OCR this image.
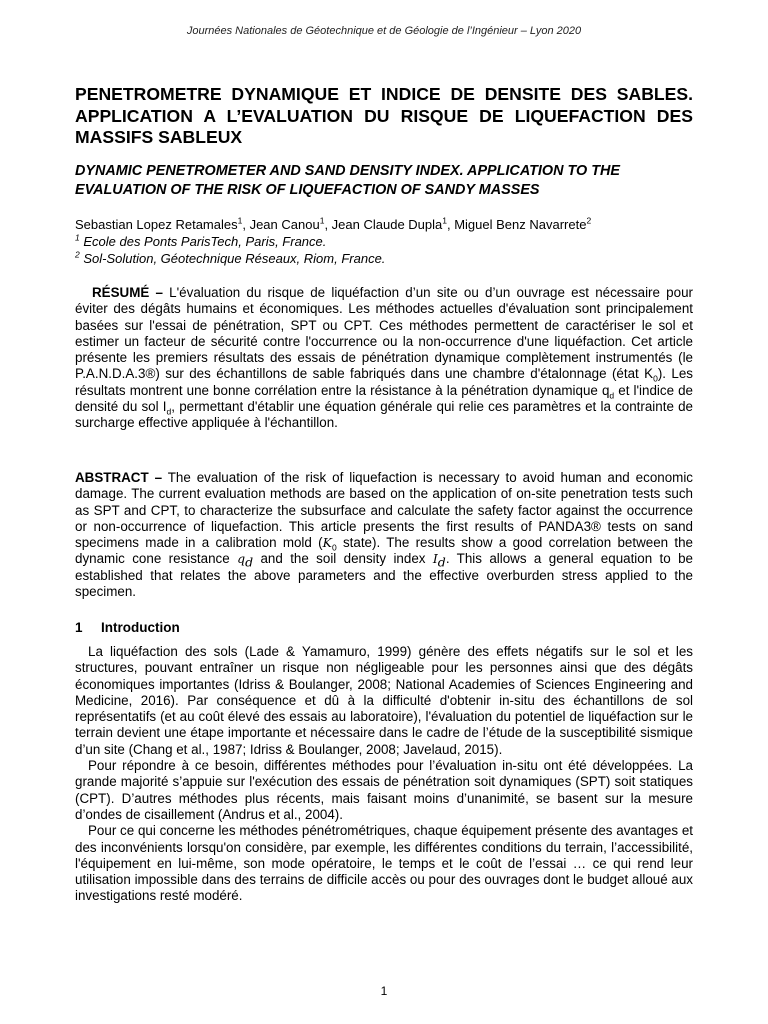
Journées Nationales de Géotechnique et de Géologie de l’Ingénieur – Lyon 2020
PENETROMETRE DYNAMIQUE ET INDICE DE DENSITE DES SABLES. APPLICATION A L’EVALUATION DU RISQUE DE LIQUEFACTION DES MASSIFS SABLEUX
DYNAMIC PENETROMETER AND SAND DENSITY INDEX. APPLICATION TO THE EVALUATION OF THE RISK OF LIQUEFACTION OF SANDY MASSES
Sebastian Lopez Retamales$^1$, Jean Canou$^1$, Jean Claude Dupla$^1$, Miguel Benz Navarrete$^2$
$^1$ Ecole des Ponts ParisTech, Paris, France.
$^2$ Sol-Solution, Géotechnique Réseaux, Riom, France.

RÉSUMÉ – L'évaluation du risque de liquéfaction d’un site ou d’un ouvrage est nécessaire pour éviter des dégâts humains et économiques. Les méthodes actuelles d'évaluation sont principalement basées sur l'essai de pénétration, SPT ou CPT. Ces méthodes permettent de caractériser le sol et estimer un facteur de sécurité contre l'occurrence ou la non-occurrence d'une liquéfaction. Cet article présente les premiers résultats des essais de pénétration dynamique complètement instrumentés (le P.A.N.D.A.3®) sur des échantillons de sable fabriqués dans une chambre d'étalonnage (état $K_0$). Les résultats montrent une bonne corrélation entre la résistance à la pénétration dynamique $q_d$ et l'indice de densité du sol $I_d$, permettant d'établir une équation générale qui relie ces paramètres et la contrainte de surcharge effective appliquée à l'échantillon.

ABSTRACT – The evaluation of the risk of liquefaction is necessary to avoid human and economic damage. The current evaluation methods are based on the application of on-site penetration tests such as SPT and CPT, to characterize the subsurface and calculate the safety factor against the occurrence or non-occurrence of liquefaction. This article presents the first results of PANDA3® tests on sand specimens made in a calibration mold ($K_0$ state). The results show a good correlation between the dynamic cone resistance $q_d$ and the soil density index $I_d$. This allows a general equation to be established that relates the above parameters and the effective overburden stress applied to the specimen.

1 Introduction

La liquéfaction des sols (Lade & Yamamuro, 1999) génère des effets négatifs sur le sol et les structures, pouvant entraîner un risque non négligeable pour les personnes ainsi que des dégâts économiques importantes (Idriss & Boulanger, 2008; National Academies of Sciences Engineering and Medicine, 2016). Par conséquence et dû à la difficulté d'obtenir in-situ des échantillons de sol représentatifs (et au coût élevé des essais au laboratoire), l'évaluation du potentiel de liquéfaction sur le terrain devient une étape importante et nécessaire dans le cadre de l’étude de la susceptibilité sismique d’un site (Chang et al., 1987; Idriss & Boulanger, 2008; Javelaud, 2015).

Pour répondre à ce besoin, différentes méthodes pour l’évaluation in-situ ont été développées. La grande majorité s’appuie sur l'exécution des essais de pénétration soit dynamiques (SPT) soit statiques (CPT). D’autres méthodes plus récents, mais faisant moins d’unanimité, se basent sur la mesure d’ondes de cisaillement (Andrus et al., 2004).

Pour ce qui concerne les méthodes pénétrométriques, chaque équipement présente des avantages et des inconvénients lorsqu'on considère, par exemple, les différentes conditions du terrain, l’accessibilité, l'équipement en lui-même, son mode opératoire, le temps et le coût de l’essai … ce qui rend leur utilisation impossible dans des terrains de difficile accès ou pour des ouvrages dont le budget alloué aux investigations resté modéré.

1
